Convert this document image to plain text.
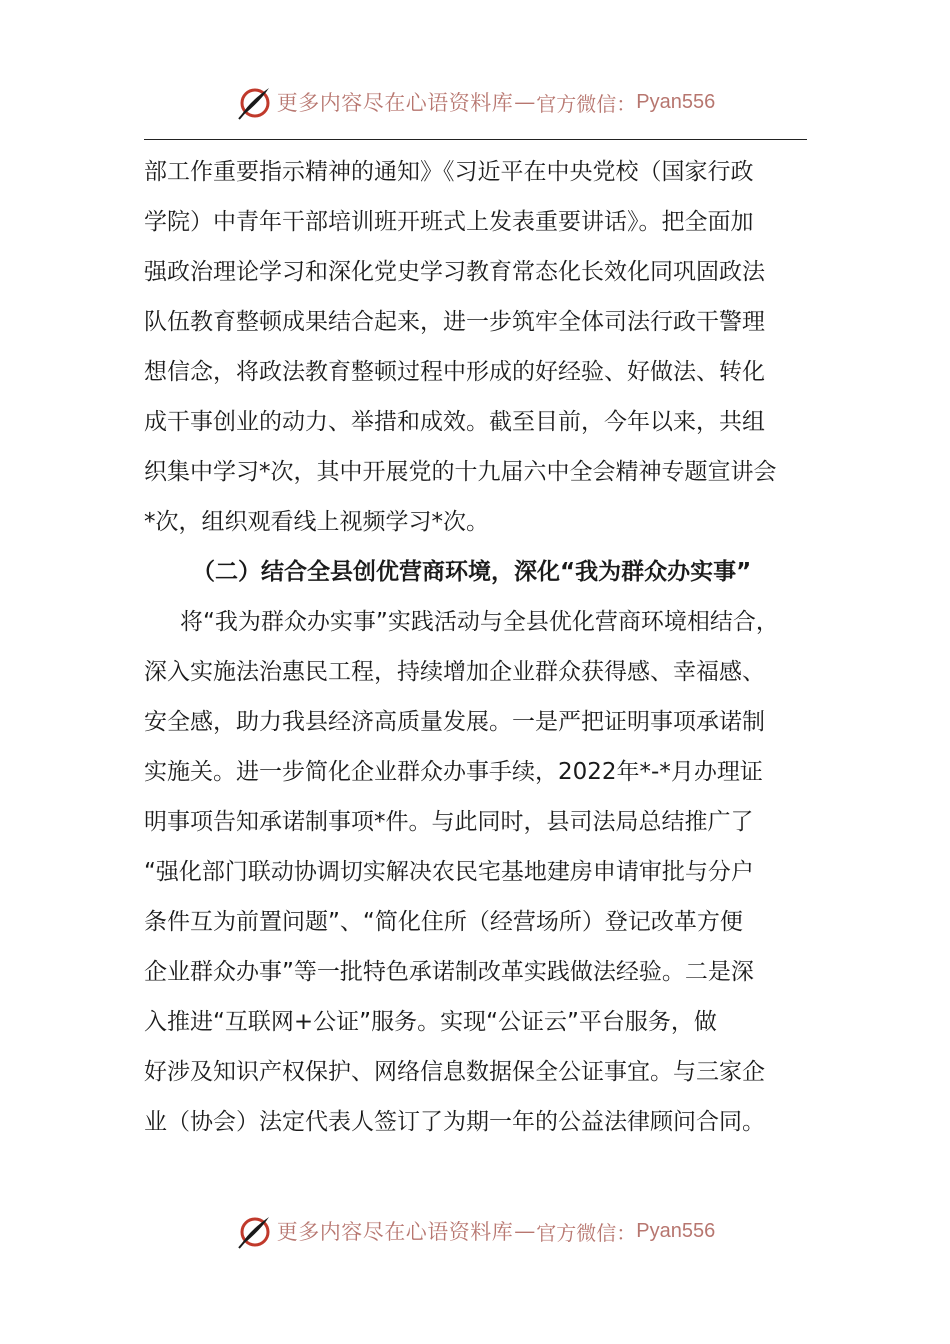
更多内容尽在心语资料库 — 官方微信： Pyan556
部工作重要指示精神的通知》《习近平在中央党校（国家行政
学院）中青年干部培训班开班式上发表重要讲话》。把全面加
强政治理论学习和深化党史学习教育常态化长效化同巩固政法
队伍教育整顿成果结合起来，进一步筑牢全体司法行政干警理
想信念，将政法教育整顿过程中形成的好经验、好做法、转化
成干事创业的动力、举措和成效。截至目前，今年以来，共组
织集中学习*次，其中开展党的十九届六中全会精神专题宣讲会
*次，组织观看线上视频学习*次。
（二）结合全县创优营商环境，深化“我为群众办实事”
将“我为群众办实事”实践活动与全县优化营商环境相结合，
深入实施法治惠民工程，持续增加企业群众获得感、幸福感、
安全感，助力我县经济高质量发展。一是严把证明事项承诺制
实施关。进一步简化企业群众办事手续，2022年*-*月办理证
明事项告知承诺制事项*件。与此同时，县司法局总结推广了
“强化部门联动协调切实解决农民宅基地建房申请审批与分户
条件互为前置问题”、“简化住所（经营场所）登记改革方便
企业群众办事”等一批特色承诺制改革实践做法经验。二是深
入推进“互联网+公证”服务。实现“公证云”平台服务，做
好涉及知识产权保护、网络信息数据保全公证事宜。与三家企
业（协会）法定代表人签订了为期一年的公益法律顾问合同。
更多内容尽在心语资料库 — 官方微信： Pyan556
